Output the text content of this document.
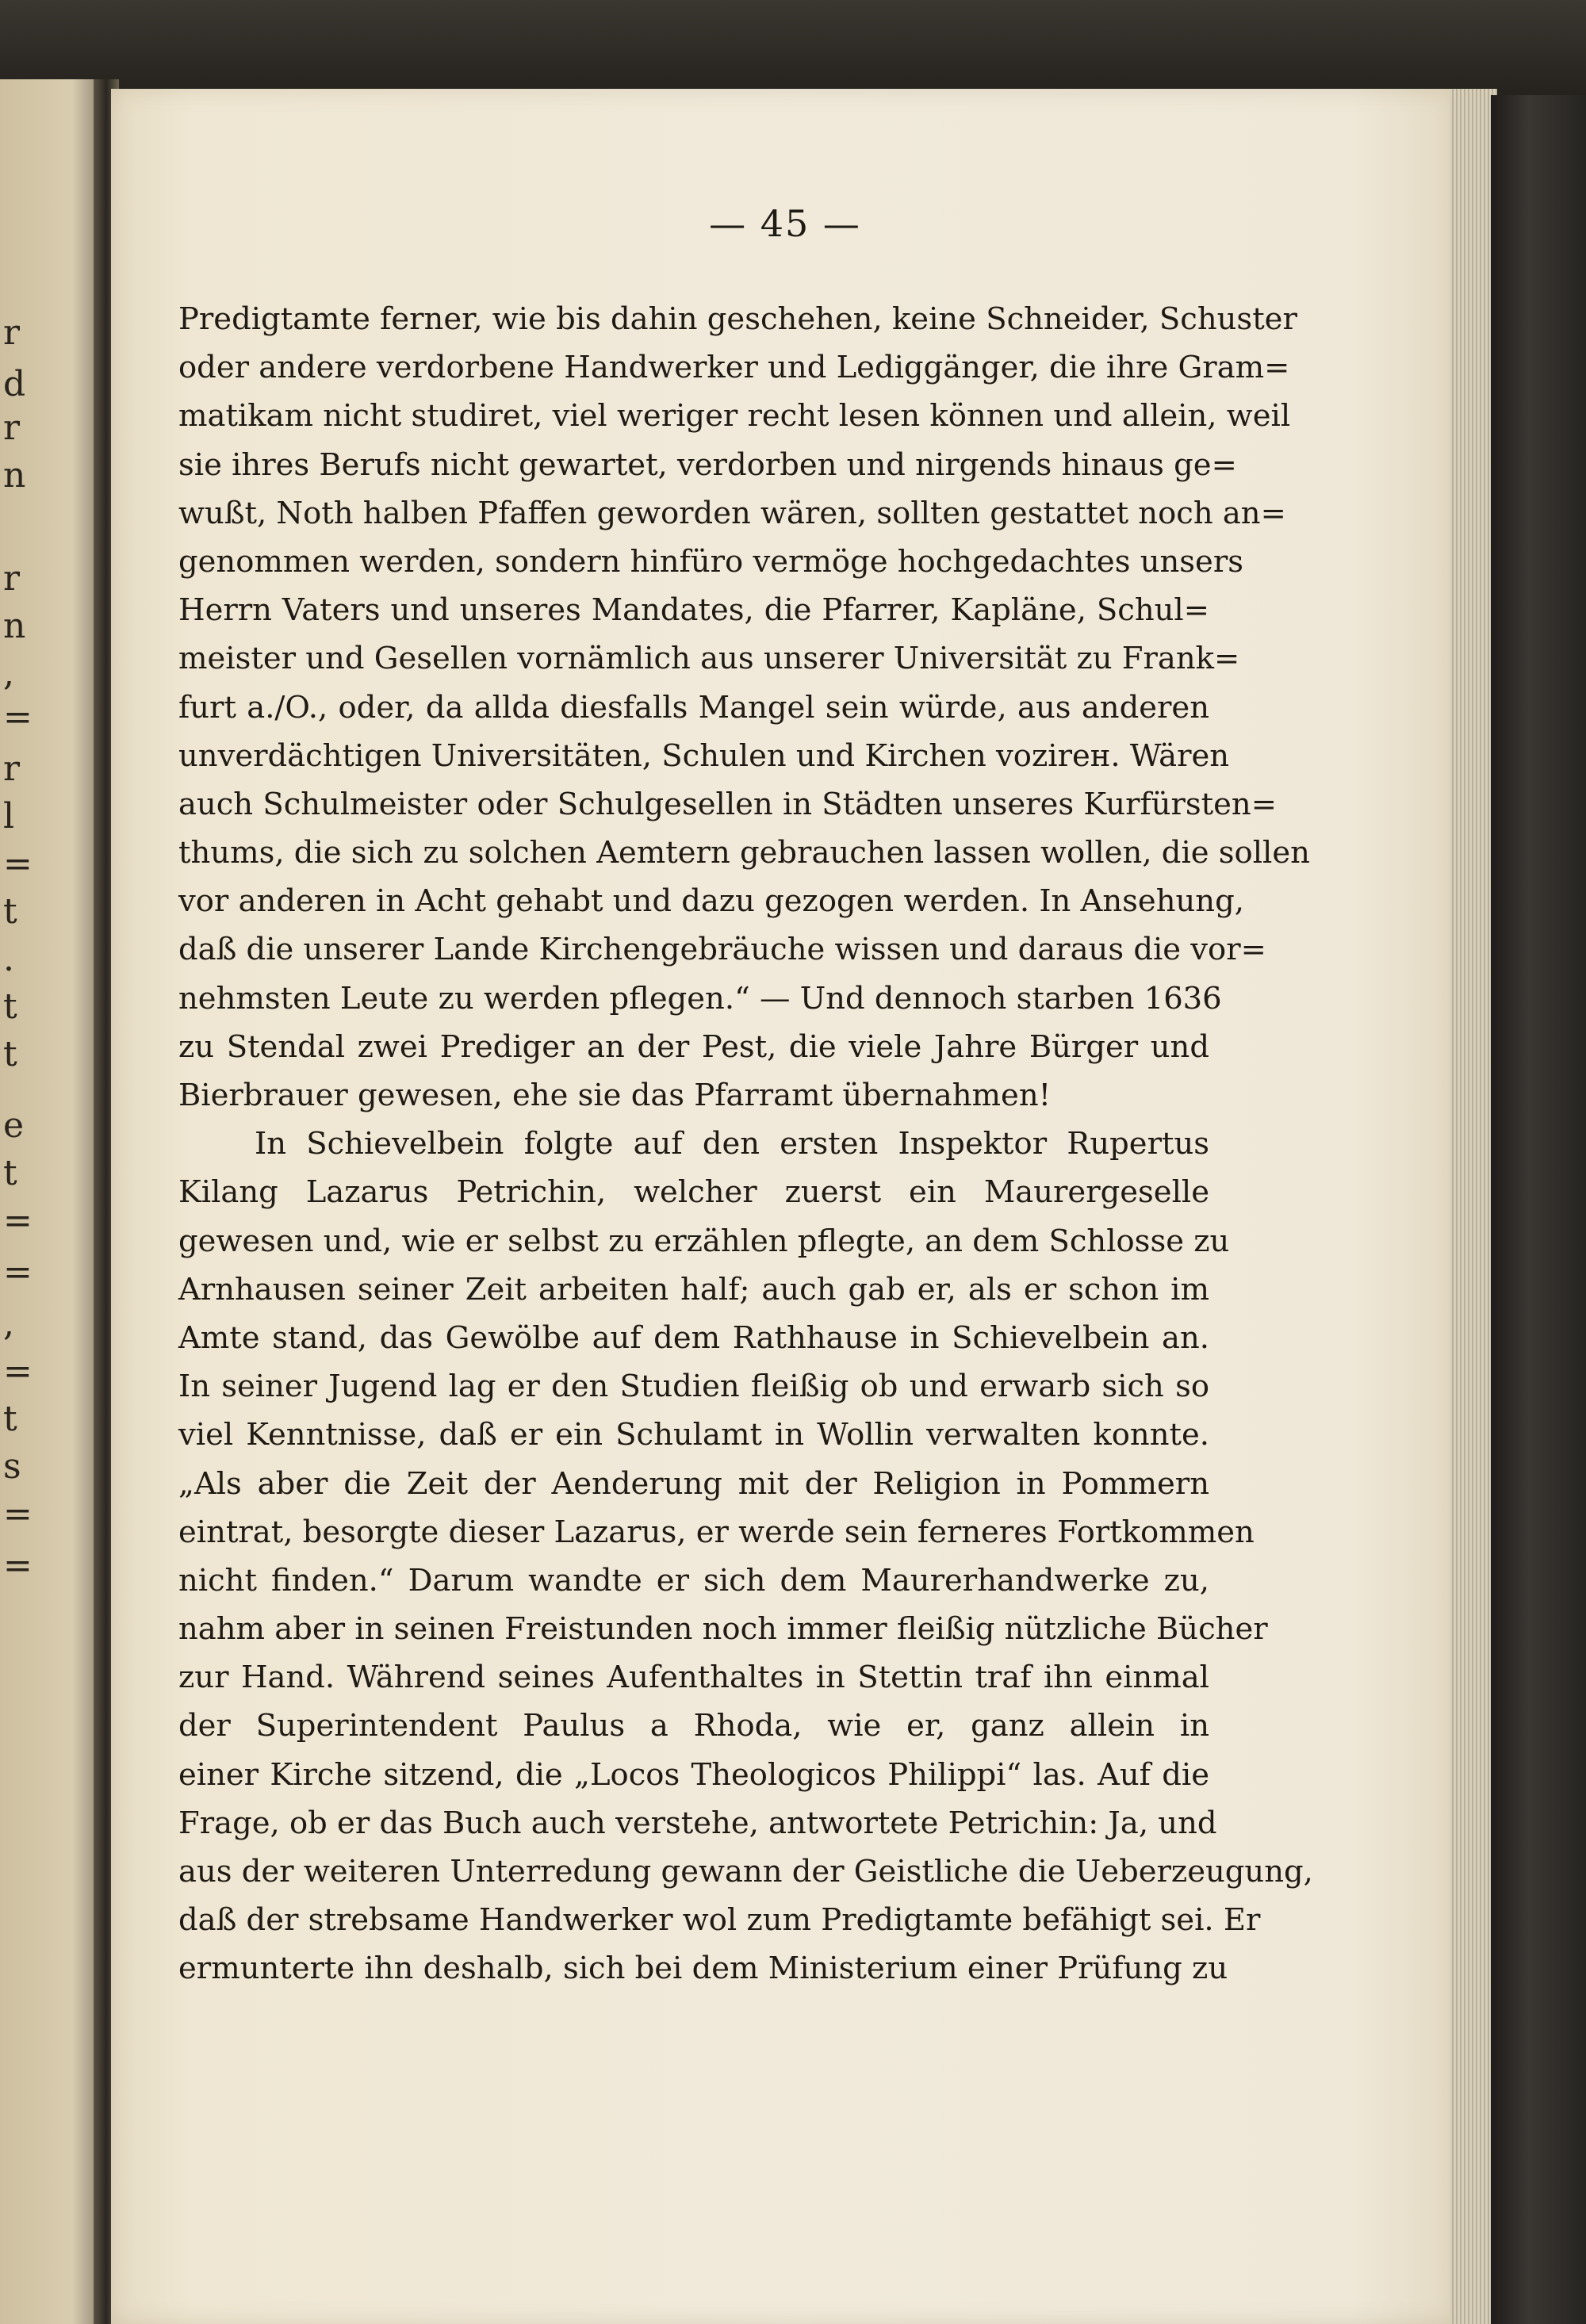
r
d
r
n
r
n
,
=
r
l
=
t
.
t
t
e
t
=
=
,
=
t
s
=
=
— 45 —
Predigtamte ferner, wie bis dahin geschehen, keine Schneider, Schuster
oder andere verdorbene Handwerker und Lediggänger, die ihre Gram=
matikam nicht studiret, viel weriger recht lesen können und allein, weil
sie ihres Berufs nicht gewartet, verdorben und nirgends hinaus ge=
wußt, Noth halben Pfaffen geworden wären, sollten gestattet noch an=
genommen werden, sondern hinfüro vermöge hochgedachtes unsers
Herrn Vaters und unseres Mandates, die Pfarrer, Kapläne, Schul=
meister und Gesellen vornämlich aus unserer Universität zu Frank=
furt a./O., oder, da allda diesfalls Mangel sein würde, aus anderen
unverdächtigen Universitäten, Schulen und Kirchen vozirен. Wären
auch Schulmeister oder Schulgesellen in Städten unseres Kurfürsten=
thums, die sich zu solchen Aemtern gebrauchen lassen wollen, die sollen
vor anderen in Acht gehabt und dazu gezogen werden. In Ansehung,
daß die unserer Lande Kirchengebräuche wissen und daraus die vor=
nehmsten Leute zu werden pflegen.“ — Und dennoch starben 1636
zu Stendal zwei Prediger an der Pest, die viele Jahre Bürger und
Bierbrauer gewesen, ehe sie das Pfarramt übernahmen!
In Schievelbein folgte auf den ersten Inspektor Rupertus
Kilang Lazarus Petrichin, welcher zuerst ein Maurergeselle
gewesen und, wie er selbst zu erzählen pflegte, an dem Schlosse zu
Arnhausen seiner Zeit arbeiten half; auch gab er, als er schon im
Amte stand, das Gewölbe auf dem Rathhause in Schievelbein an.
In seiner Jugend lag er den Studien fleißig ob und erwarb sich so
viel Kenntnisse, daß er ein Schulamt in Wollin verwalten konnte.
„Als aber die Zeit der Aenderung mit der Religion in Pommern
eintrat, besorgte dieser Lazarus, er werde sein ferneres Fortkommen
nicht finden.“ Darum wandte er sich dem Maurerhandwerke zu,
nahm aber in seinen Freistunden noch immer fleißig nützliche Bücher
zur Hand. Während seines Aufenthaltes in Stettin traf ihn einmal
der Superintendent Paulus a Rhoda, wie er, ganz allein in
einer Kirche sitzend, die „Locos Theologicos Philippi“ las. Auf die
Frage, ob er das Buch auch verstehe, antwortete Petrichin: Ja, und
aus der weiteren Unterredung gewann der Geistliche die Ueberzeugung,
daß der strebsame Handwerker wol zum Predigtamte befähigt sei. Er
ermunterte ihn deshalb, sich bei dem Ministerium einer Prüfung zu
